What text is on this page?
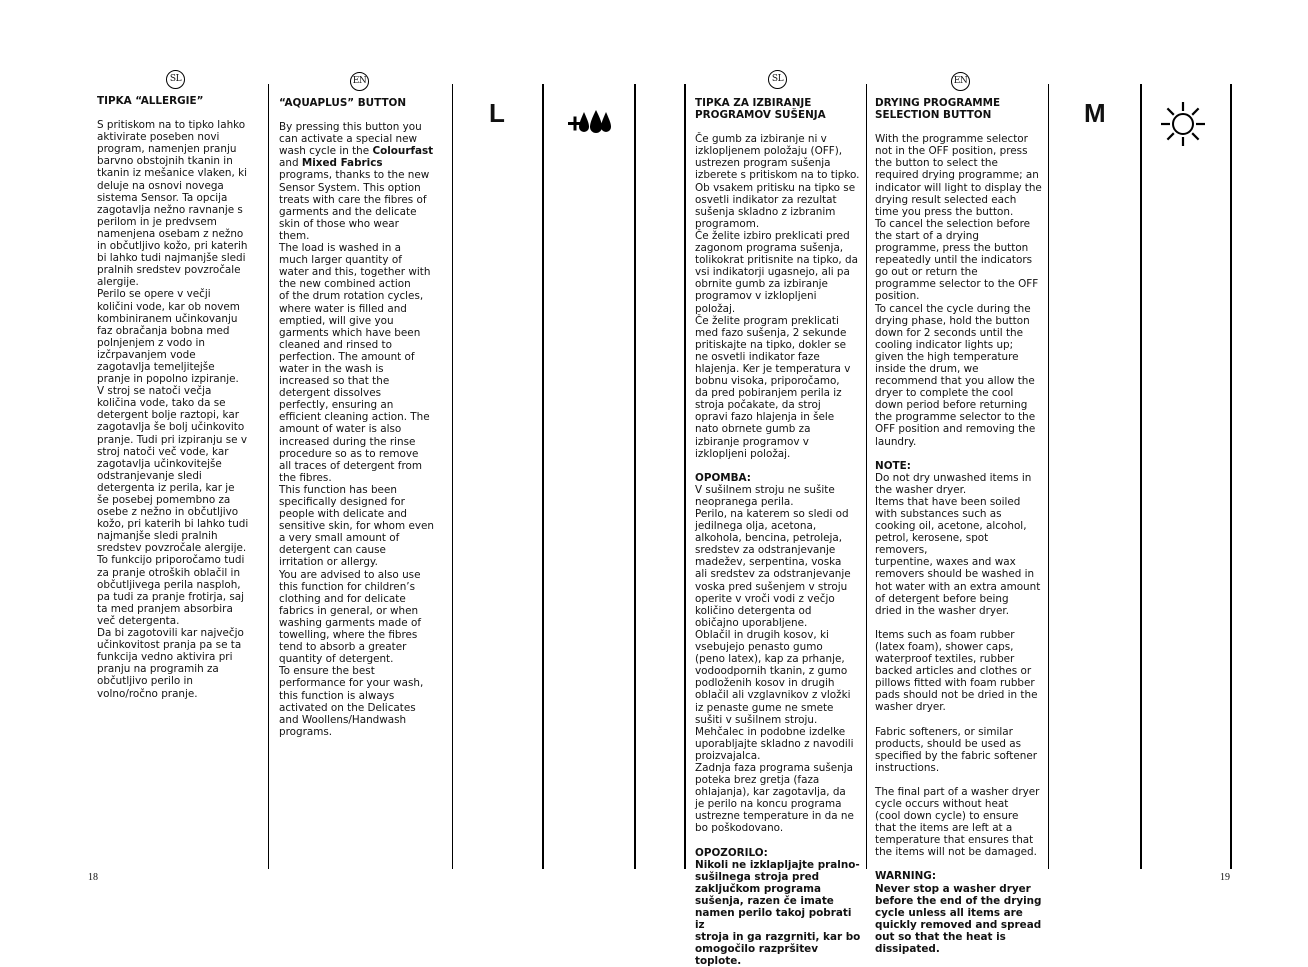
SL

TIPKA “ALLERGIE”

S pritiskom na to tipko lahko
aktivirate poseben novi
program, namenjen pranju
barvno obstojnih tkanin in
tkanin iz mešanice vlaken, ki
deluje na osnovi novega
sistema Sensor. Ta opcija
zagotavlja nežno ravnanje s
perilom in je predvsem
namenjena osebam z nežno
in občutljivo kožo, pri katerih
bi lahko tudi najmanjše sledi
pralnih sredstev povzročale
alergije.
Perilo se opere v večji
količini vode, kar ob novem
kombiniranem učinkovanju
faz obračanja bobna med
polnjenjem z vodo in
izčrpavanjem vode
zagotavlja temeljitejše
pranje in popolno izpiranje.
V stroj se natoči večja
količina vode, tako da se
detergent bolje raztopi, kar
zagotavlja še bolj učinkovito
pranje. Tudi pri izpiranju se v
stroj natoči več vode, kar
zagotavlja učinkovitejše
odstranjevanje sledi
detergenta iz perila, kar je
še posebej pomembno za
osebe z nežno in občutljivo
kožo, pri katerih bi lahko tudi
najmanjše sledi pralnih
sredstev povzročale alergije.
To funkcijo priporočamo tudi
za pranje otroških oblačil in
občutljivega perila nasploh,
pa tudi za pranje frotirja, saj
ta med pranjem absorbira
več detergenta.
Da bi zagotovili kar največjo
učinkovitost pranja pa se ta
funkcija vedno aktivira pri
pranju na programih za
občutljivo perilo in
volno/ročno pranje.

EN

“AQUAPLUS” BUTTON

By pressing this button you
can activate a special new
wash cycle in the Colourfast
and Mixed Fabrics
programs, thanks to the new
Sensor System. This option
treats with care the fibres of
garments and the delicate
skin of those who wear
them.
The load is washed in a
much larger quantity of
water and this, together with
the new combined action
of the drum rotation cycles,
where water is filled and
emptied, will give you
garments which have been
cleaned and rinsed to
perfection. The amount of
water in the wash is
increased so that the
detergent dissolves
perfectly, ensuring an
efficient cleaning action. The
amount of water is also
increased during the rinse
procedure so as to remove
all traces of detergent from
the fibres.
This function has been
specifically designed for
people with delicate and
sensitive skin, for whom even
a very small amount of
detergent can cause
irritation or allergy.
You are advised to also use
this function for children’s
clothing and for delicate
fabrics in general, or when
washing garments made of
towelling, where the fibres
tend to absorb a greater
quantity of detergent.
To ensure the best
performance for your wash,
this function is always
activated on the Delicates
and Woollens/Handwash
programs.

L
18
SL

TIPKA ZA IZBIRANJE
PROGRAMOV SUŠENJA

Če gumb za izbiranje ni v
izklopljenem položaju (OFF),
ustrezen program sušenja
izberete s pritiskom na to tipko.
Ob vsakem pritisku na tipko se
osvetli indikator za rezultat
sušenja skladno z izbranim
programom.
Če želite izbiro preklicati pred
zagonom programa sušenja,
tolikokrat pritisnite na tipko, da
vsi indikatorji ugasnejo, ali pa
obrnite gumb za izbiranje
programov v izklopljeni
položaj.
Če želite program preklicati
med fazo sušenja, 2 sekunde
pritiskajte na tipko, dokler se
ne osvetli indikator faze
hlajenja. Ker je temperatura v
bobnu visoka, priporočamo,
da pred pobiranjem perila iz
stroja počakate, da stroj
opravi fazo hlajenja in šele
nato obrnete gumb za
izbiranje programov v
izklopljeni položaj.

OPOMBA:

V sušilnem stroju ne sušite
neopranega perila.
Perilo, na katerem so sledi od
jedilnega olja, acetona,
alkohola, bencina, petroleja,
sredstev za odstranjevanje
madežev, serpentina, voska
ali sredstev za odstranjevanje
voska pred sušenjem v stroju
operite v vroči vodi z večjo
količino detergenta od
običajno uporabljene.
Oblačil in drugih kosov, ki
vsebujejo penasto gumo
(peno latex), kap za prhanje,
vodoodpornih tkanin, z gumo
podloženih kosov in drugih
oblačil ali vzglavnikov z vložki
iz penaste gume ne smete
sušiti v sušilnem stroju.
Mehčalec in podobne izdelke
uporabljajte skladno z navodili
proizvajalca.
Zadnja faza programa sušenja
poteka brez gretja (faza
ohlajanja), kar zagotavlja, da
je perilo na koncu programa
ustrezne temperature in da ne
bo poškodovano.

OPOZORILO:

Nikoli ne izklapljajte pralno-
sušilnega stroja pred
zaključkom programa
sušenja, razen če imate
namen perilo takoj pobrati iz
stroja in ga razgrniti, kar bo
omogočilo razpršitev toplote.

EN

DRYING PROGRAMME
SELECTION BUTTON

With the programme selector
not in the OFF position, press
the button to select the
required drying programme; an
indicator will light to display the
drying result selected each
time you press the button.
To cancel the selection before
the start of a drying
programme, press the button
repeatedly until the indicators
go out or return the
programme selector to the OFF
position.
To cancel the cycle during the
drying phase, hold the button
down for 2 seconds until the
cooling indicator lights up;
given the high temperature
inside the drum, we
recommend that you allow the
dryer to complete the cool
down period before returning
the programme selector to the
OFF position and removing the
laundry.

NOTE:

Do not dry unwashed items in
the washer dryer.
Items that have been soiled
with substances such as
cooking oil, acetone, alcohol,
petrol, kerosene, spot removers,
turpentine, waxes and wax
removers should be washed in
hot water with an extra amount
of detergent before being
dried in the washer dryer.

Items such as foam rubber
(latex foam), shower caps,
waterproof textiles, rubber
backed articles and clothes or
pillows fitted with foam rubber
pads should not be dried in the
washer dryer.

Fabric softeners, or similar
products, should be used as
specified by the fabric softener
instructions.

The final part of a washer dryer
cycle occurs without heat
(cool down cycle) to ensure
that the items are left at a
temperature that ensures that
the items will not be damaged.

WARNING:

Never stop a washer dryer
before the end of the drying
cycle unless all items are
quickly removed and spread
out so that the heat is
dissipated.

M
19
